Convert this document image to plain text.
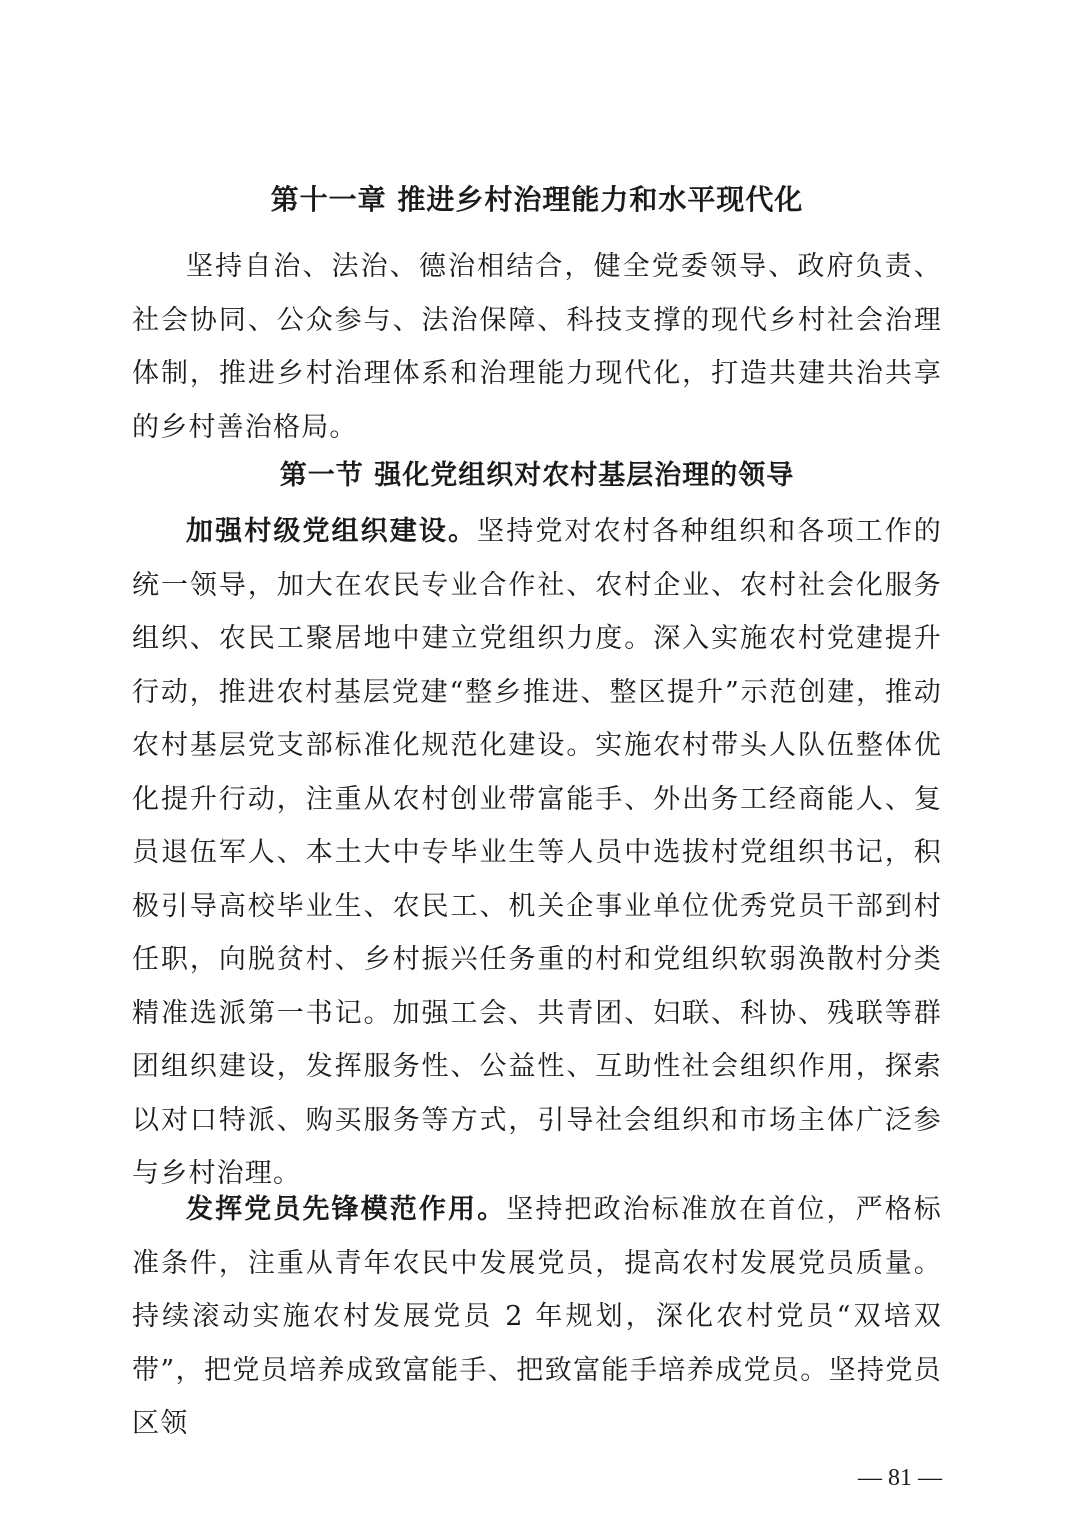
第十一章 推进乡村治理能力和水平现代化

坚持自治、法治、德治相结合，健全党委领导、政府负责、社会协同、公众参与、法治保障、科技支撑的现代乡村社会治理体制，推进乡村治理体系和治理能力现代化，打造共建共治共享的乡村善治格局。

第一节 强化党组织对农村基层治理的领导

加强村级党组织建设。坚持党对农村各种组织和各项工作的统一领导，加大在农民专业合作社、农村企业、农村社会化服务组织、农民工聚居地中建立党组织力度。深入实施农村党建提升行动，推进农村基层党建“整乡推进、整区提升”示范创建，推动农村基层党支部标准化规范化建设。实施农村带头人队伍整体优化提升行动，注重从农村创业带富能手、外出务工经商能人、复员退伍军人、本土大中专毕业生等人员中选拔村党组织书记，积极引导高校毕业生、农民工、机关企事业单位优秀党员干部到村任职，向脱贫村、乡村振兴任务重的村和党组织软弱涣散村分类精准选派第一书记。加强工会、共青团、妇联、科协、残联等群团组织建设，发挥服务性、公益性、互助性社会组织作用，探索以对口特派、购买服务等方式，引导社会组织和市场主体广泛参与乡村治理。

发挥党员先锋模范作用。坚持把政治标准放在首位，严格标准条件，注重从青年农民中发展党员，提高农村发展党员质量。持续滚动实施农村发展党员 2 年规划，深化农村党员“双培双带”，把党员培养成致富能手、把致富能手培养成党员。坚持党员区领

— 81 —
